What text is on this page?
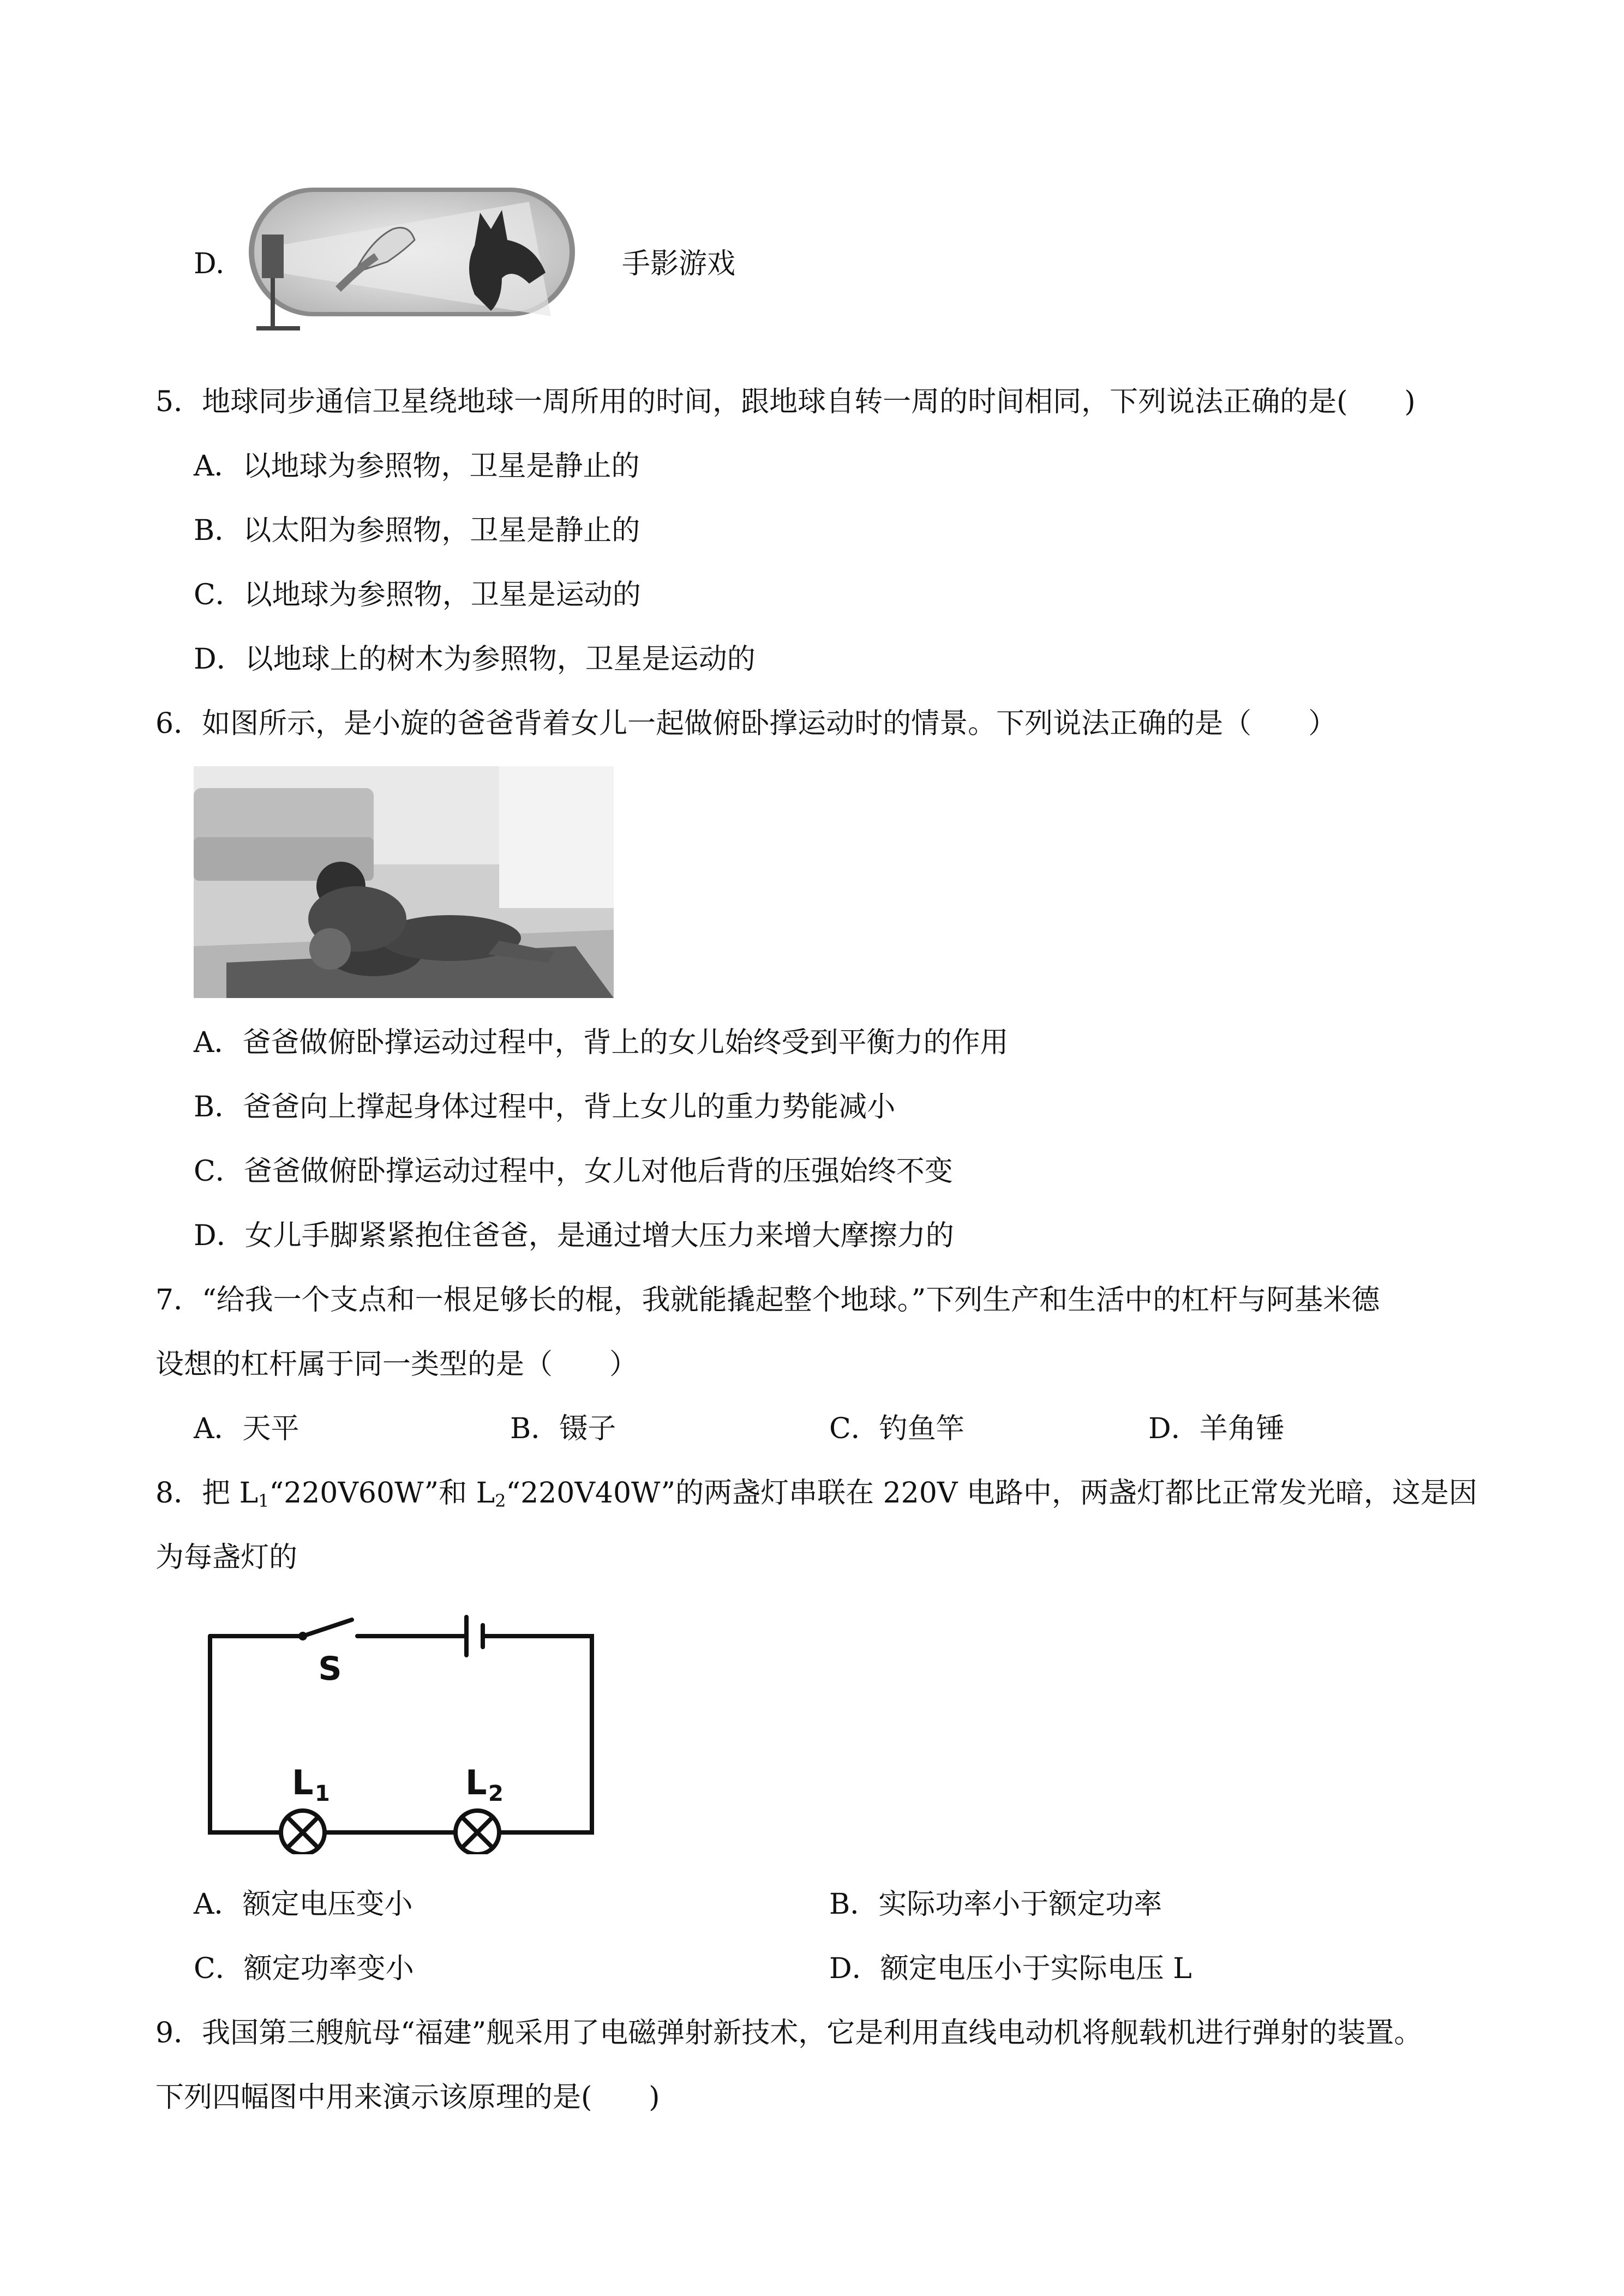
D.	手影游戏
5．地球同步通信卫星绕地球一周所用的时间，跟地球自转一周的时间相同，下列说法正确的是(　　)
A．以地球为参照物，卫星是静止的
B．以太阳为参照物，卫星是静止的
C．以地球为参照物，卫星是运动的
D．以地球上的树木为参照物，卫星是运动的
6．如图所示，是小旋的爸爸背着女儿一起做俯卧撑运动时的情景。下列说法正确的是（　　）
A．爸爸做俯卧撑运动过程中，背上的女儿始终受到平衡力的作用
B．爸爸向上撑起身体过程中，背上女儿的重力势能减小
C．爸爸做俯卧撑运动过程中，女儿对他后背的压强始终不变
D．女儿手脚紧紧抱住爸爸，是通过增大压力来增大摩擦力的
7．“给我一个支点和一根足够长的棍，我就能撬起整个地球。”下列生产和生活中的杠杆与阿基米德
设想的杠杆属于同一类型的是（　　）
A．天平	B．镊子	C．钓鱼竿	D．羊角锤
8．把 $L_1“220V60W$”和 $L_2“220V40W$”的两盏灯串联在 220V 电路中，两盏灯都比正常发光暗，这是因
为每盏灯的
S
L 1	L 2
A．额定电压变小	B．实际功率小于额定功率
C．额定功率变小	D．额定电压小于实际电压 L
9．我国第三艘航母“福建”舰采用了电磁弹射新技术，它是利用直线电动机将舰载机进行弹射的装置。
下列四幅图中用来演示该原理的是(　　)
